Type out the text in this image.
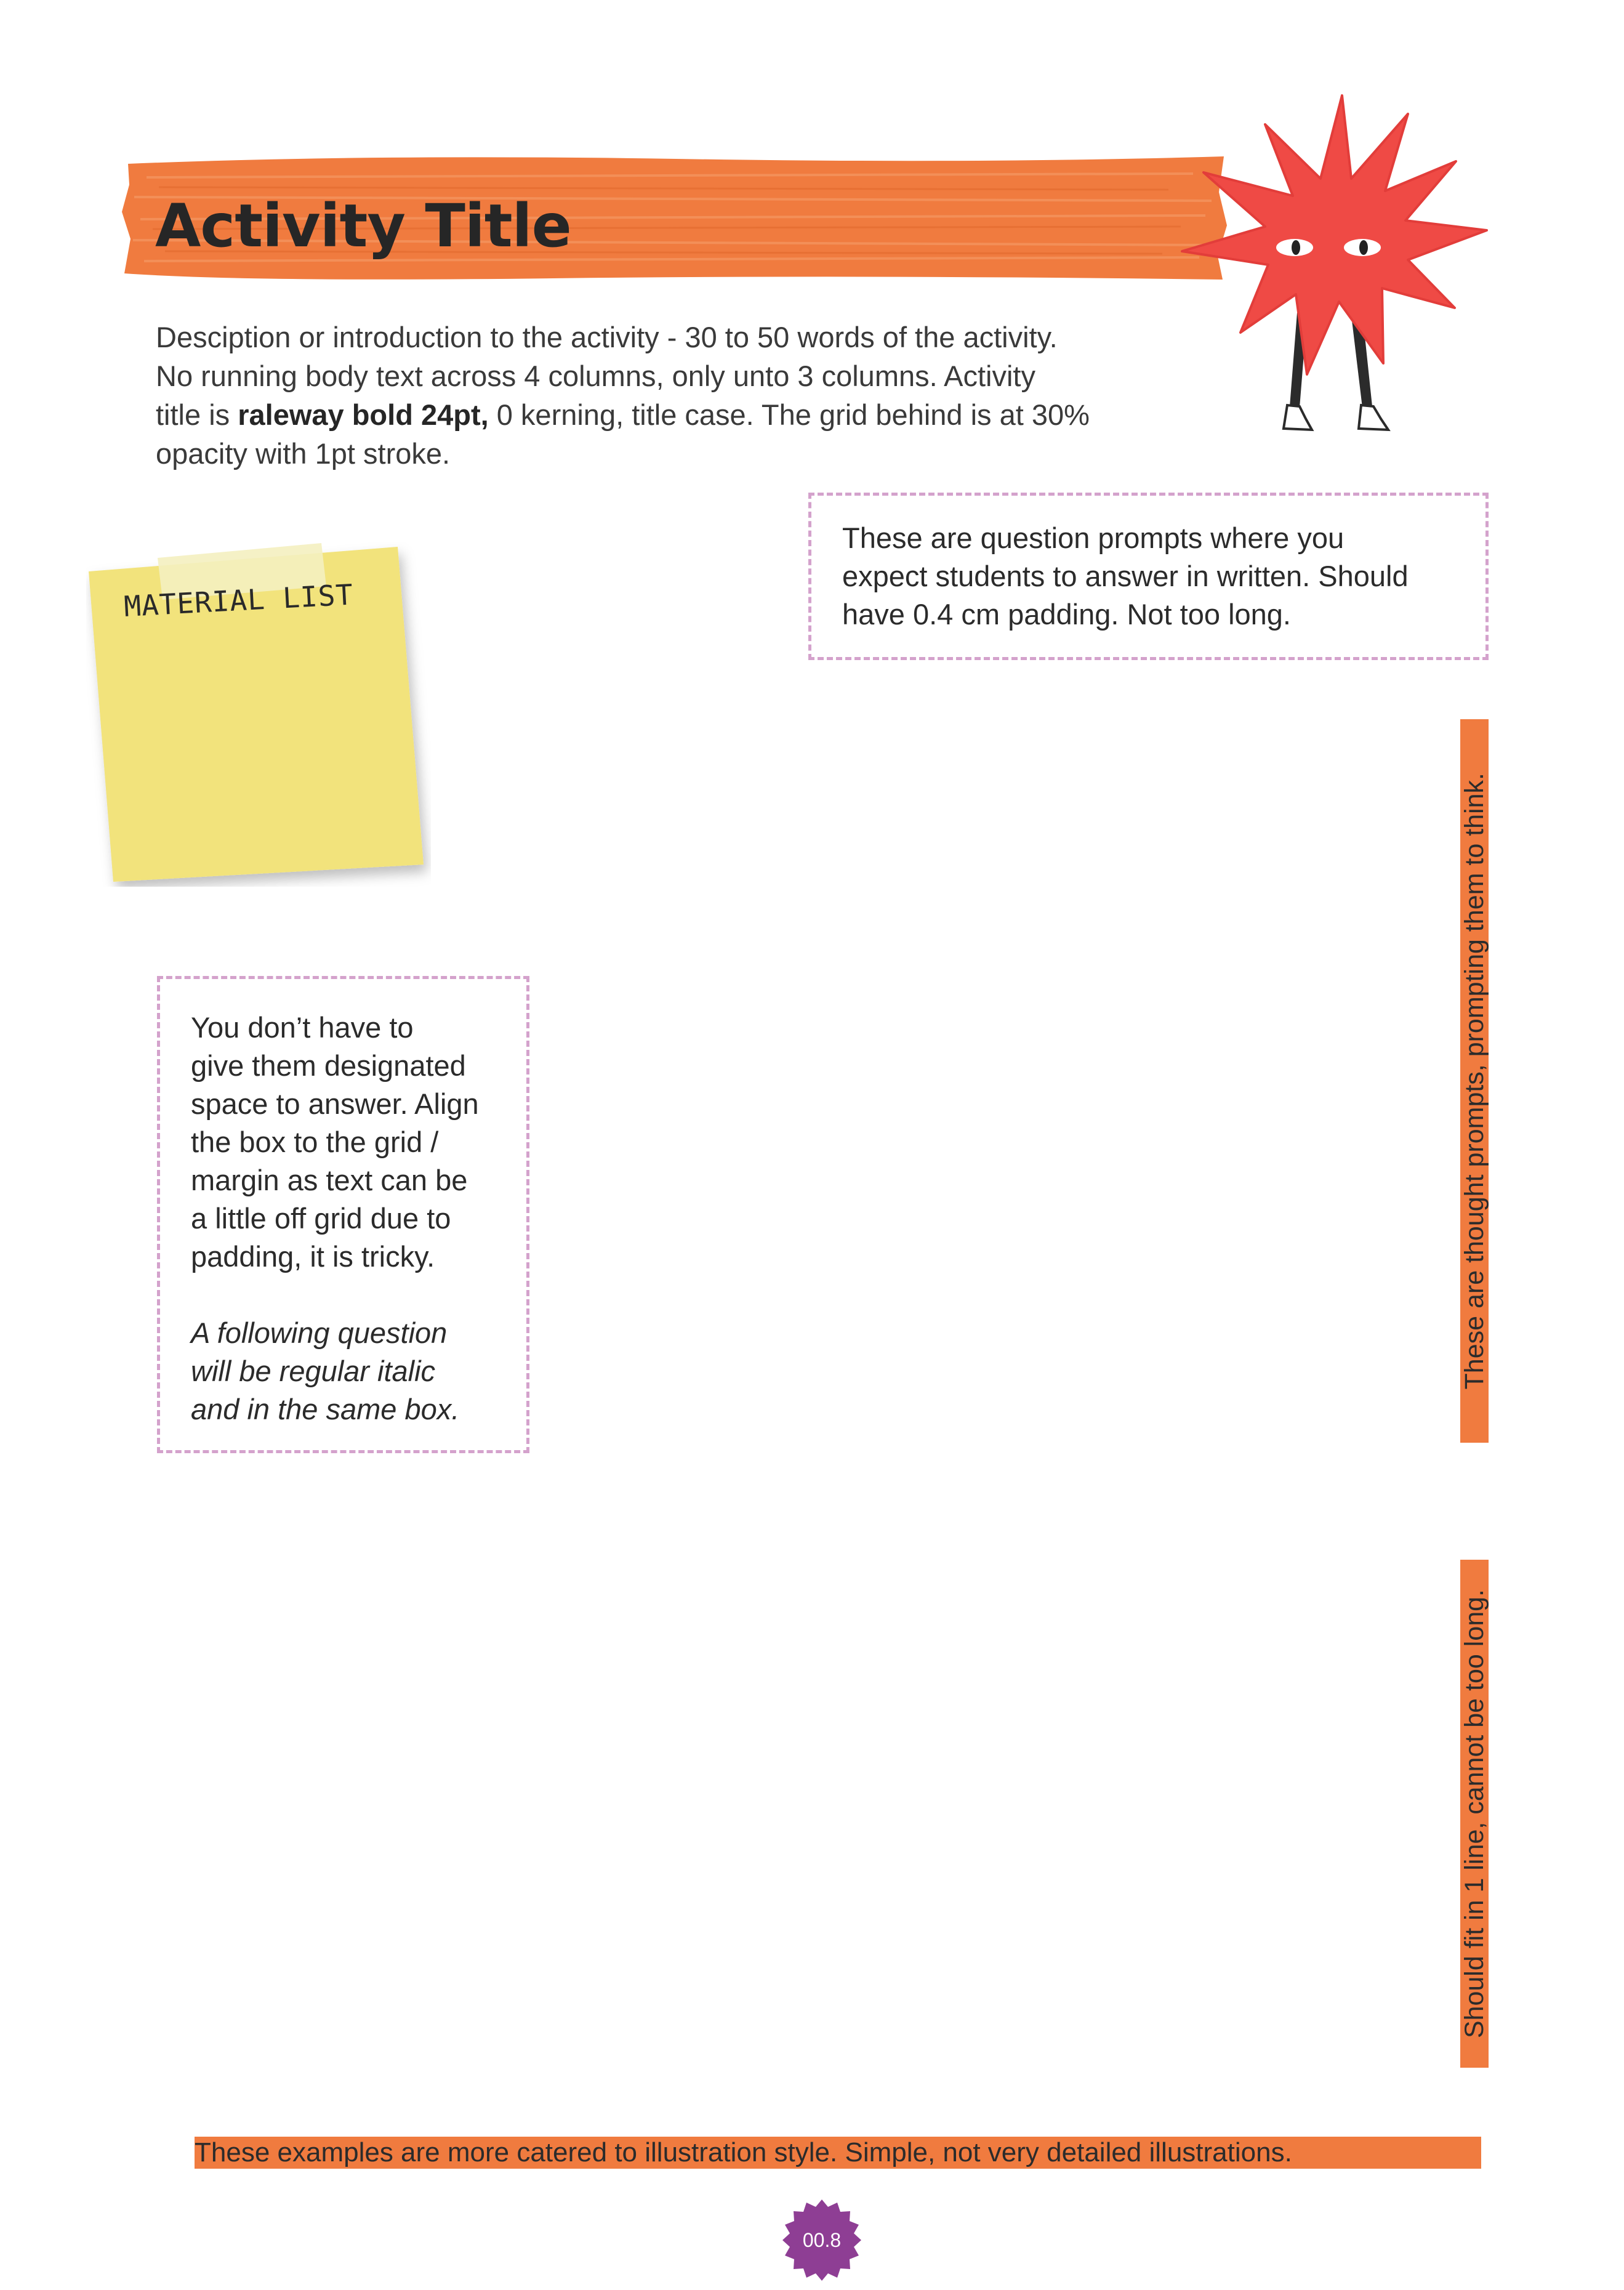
Activity Title

Desciption or introduction to the activity - 30 to 50 words of the activity.

No running body text across 4 columns, only unto 3 columns. Activity

title is raleway bold 24pt, 0 kerning, title case. The grid behind is at 30%

opacity with 1pt stroke.

These are question prompts where you

expect students to answer in written. Should

have 0.4 cm padding. Not too long.

MATERIAL LIST

You don’t have to

give them designated

space to answer. Align

the box to the grid /

margin as text can be

a little off grid due to

padding, it is tricky.

A following question

will be regular italic

and in the same box.

These are thought prompts, prompting them to think.
Should fit in 1 line, cannot be too long.
These examples are more catered to illustration style. Simple, not very detailed illustrations.
00.8
